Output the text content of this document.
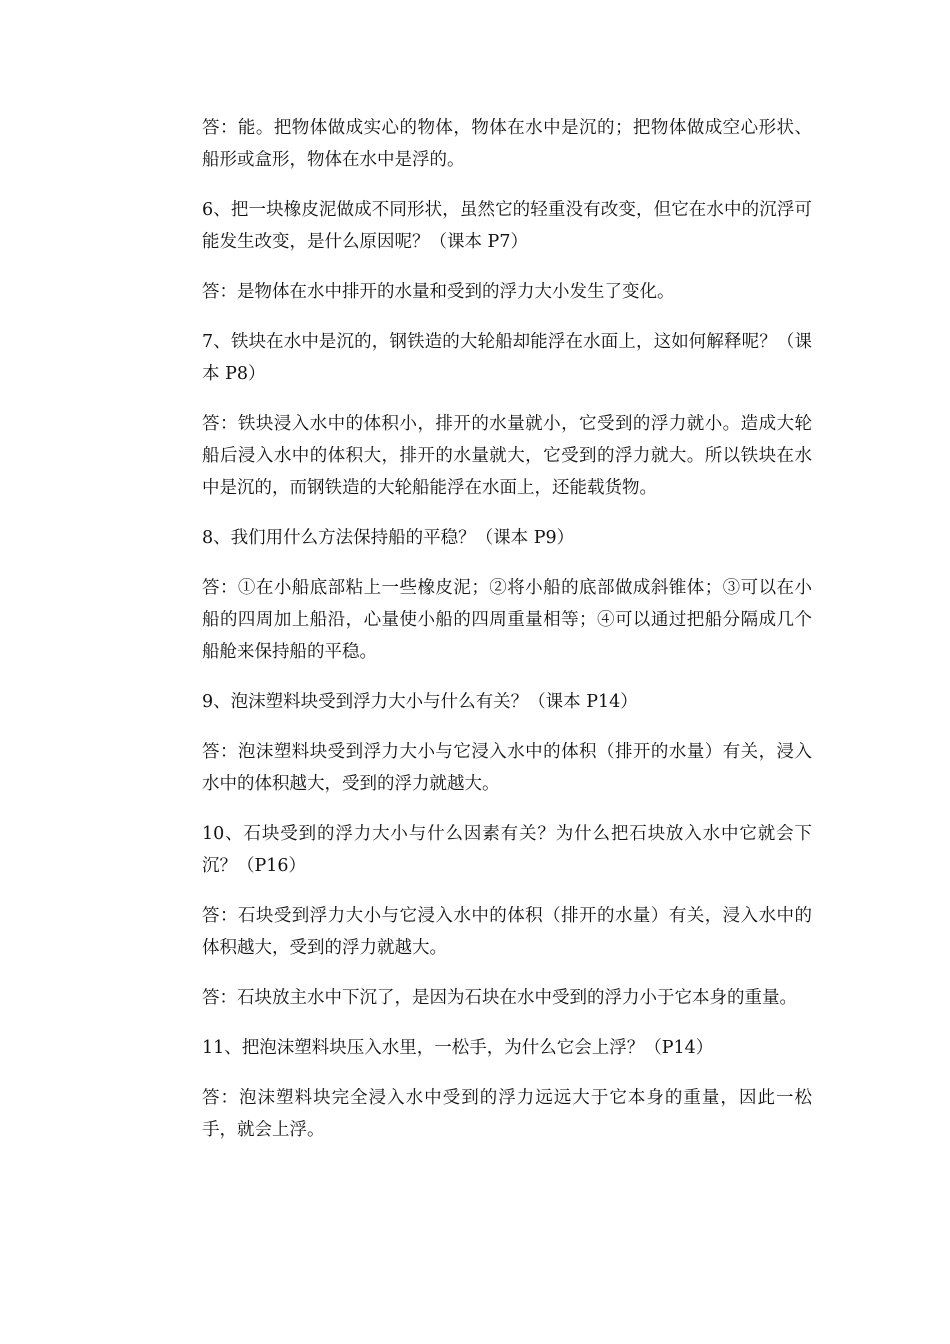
答：能。把物体做成实心的物体，物体在水中是沉的；把物体做成空心形状、船形或盒形，物体在水中是浮的。

6、把一块橡皮泥做成不同形状，虽然它的轻重没有改变，但它在水中的沉浮可能发生改变，是什么原因呢？（课本 P7）

答：是物体在水中排开的水量和受到的浮力大小发生了变化。

7、铁块在水中是沉的，钢铁造的大轮船却能浮在水面上，这如何解释呢？（课本 P8）

答：铁块浸入水中的体积小，排开的水量就小，它受到的浮力就小。造成大轮船后浸入水中的体积大，排开的水量就大，它受到的浮力就大。所以铁块在水中是沉的，而钢铁造的大轮船能浮在水面上，还能载货物。

8、我们用什么方法保持船的平稳？（课本 P9）

答：①在小船底部粘上一些橡皮泥；②将小船的底部做成斜锥体；③可以在小船的四周加上船沿，心量使小船的四周重量相等；④可以通过把船分隔成几个船舱来保持船的平稳。

9、泡沫塑料块受到浮力大小与什么有关？（课本 P14）

答：泡沫塑料块受到浮力大小与它浸入水中的体积（排开的水量）有关，浸入水中的体积越大，受到的浮力就越大。

10、石块受到的浮力大小与什么因素有关？为什么把石块放入水中它就会下沉？（P16）

答：石块受到浮力大小与它浸入水中的体积（排开的水量）有关，浸入水中的体积越大，受到的浮力就越大。

答：石块放主水中下沉了，是因为石块在水中受到的浮力小于它本身的重量。

11、把泡沫塑料块压入水里，一松手，为什么它会上浮？（P14）

答：泡沫塑料块完全浸入水中受到的浮力远远大于它本身的重量，因此一松手，就会上浮。
